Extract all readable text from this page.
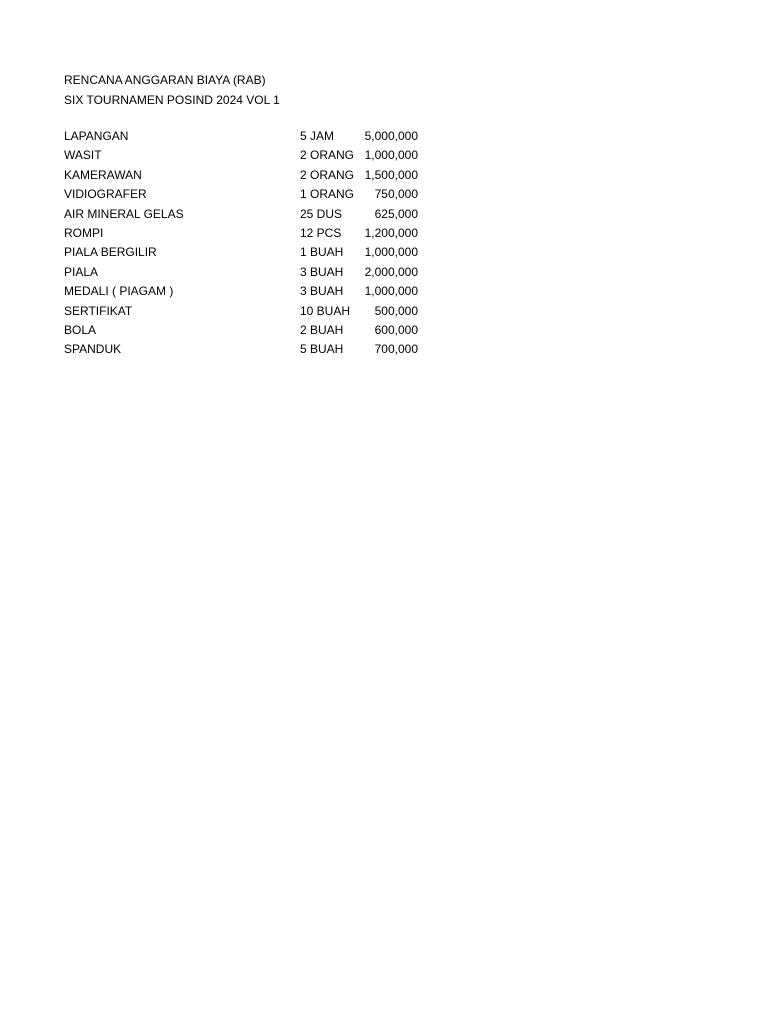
RENCANA ANGGARAN BIAYA (RAB)
SIX TOURNAMEN POSIND 2024 VOL 1
LAPANGAN	5 JAM	5,000,000
WASIT	2 ORANG	1,000,000
KAMERAWAN	2 ORANG	1,500,000
VIDIOGRAFER	1 ORANG	750,000
AIR MINERAL GELAS	25 DUS	625,000
ROMPI	12 PCS	1,200,000
PIALA BERGILIR	1 BUAH	1,000,000
PIALA	3 BUAH	2,000,000
MEDALI ( PIAGAM )	3 BUAH	1,000,000
SERTIFIKAT	10 BUAH	500,000
BOLA	2 BUAH	600,000
SPANDUK	5 BUAH	700,000
